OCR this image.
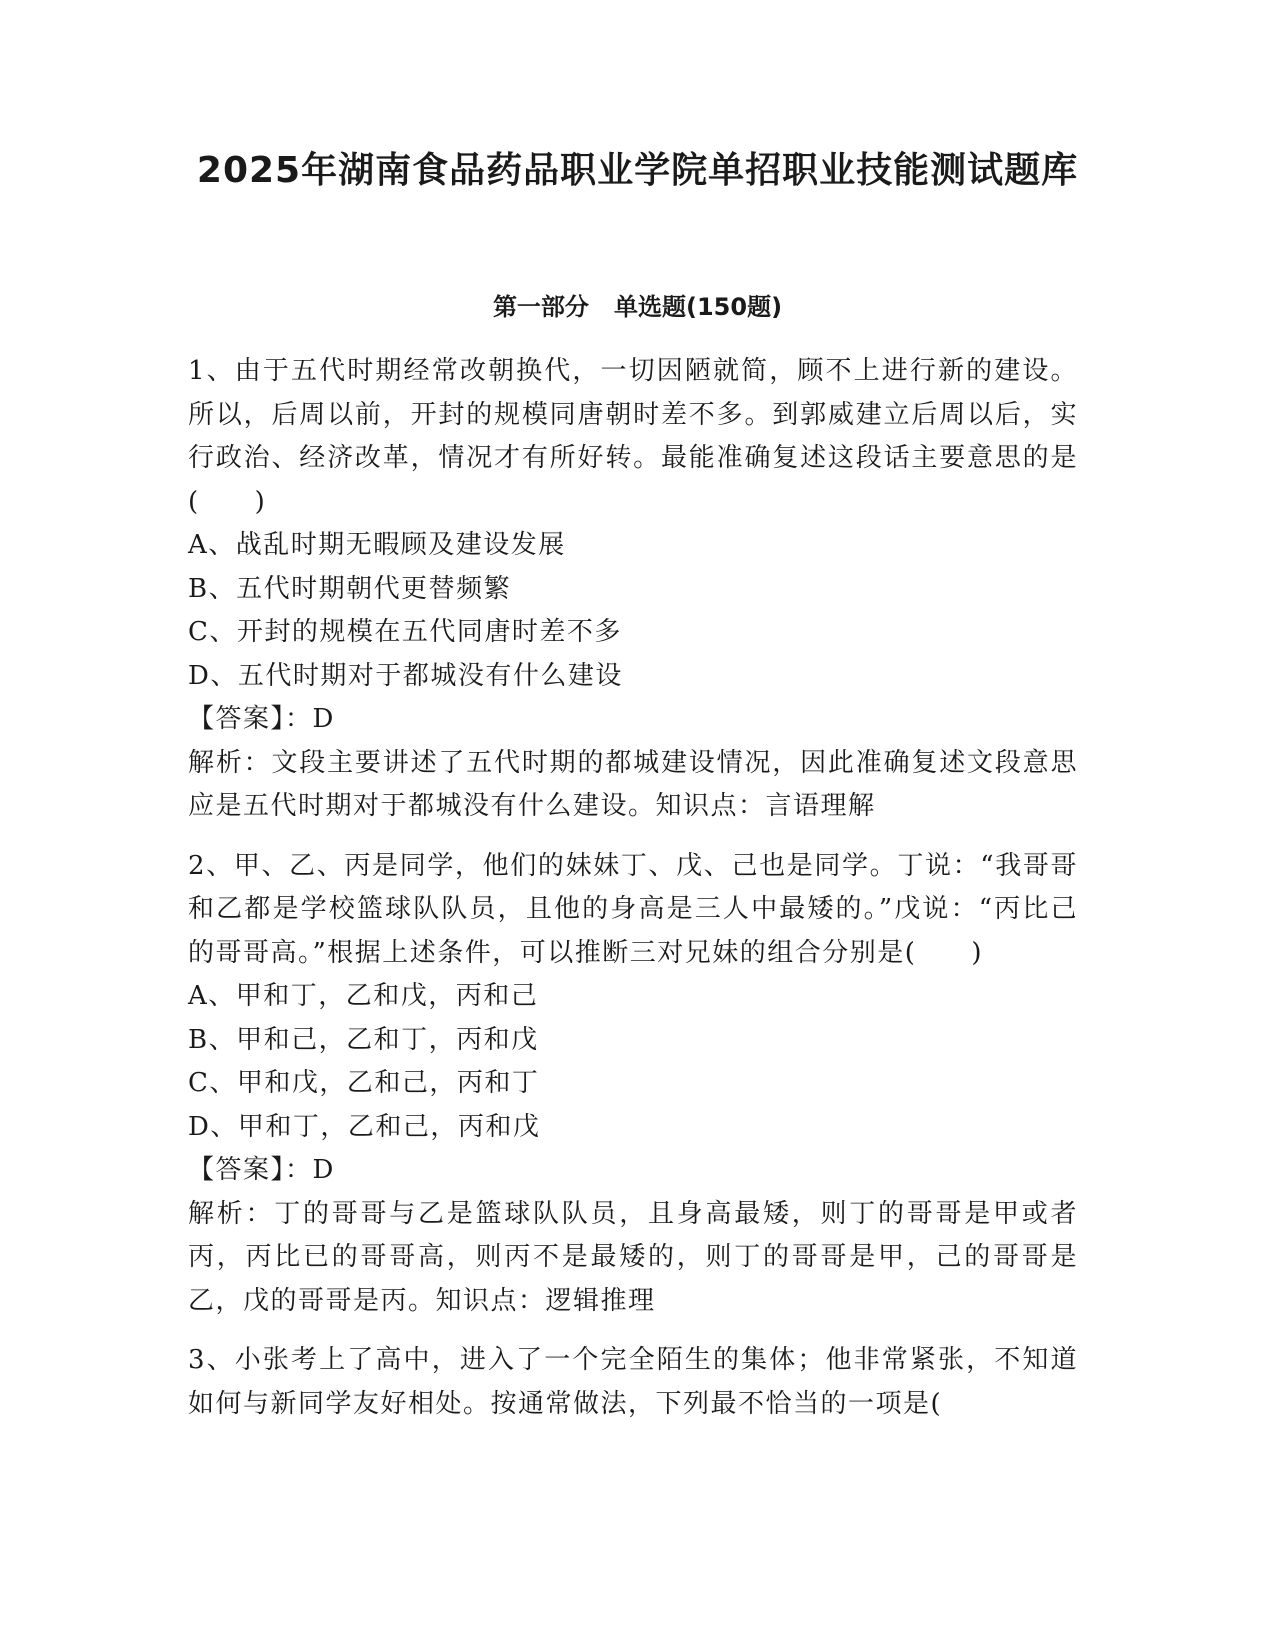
2025年湖南食品药品职业学院单招职业技能测试题库
第一部分   单选题(150题)

1、由于五代时期经常改朝换代，一切因陋就简，顾不上进行新的建设。所以，后周以前，开封的规模同唐朝时差不多。到郭威建立后周以后，实行政治、经济改革，情况才有所好转。最能准确复述这段话主要意思的是(　　)

A、战乱时期无暇顾及建设发展

B、五代时期朝代更替频繁

C、开封的规模在五代同唐时差不多

D、五代时期对于都城没有什么建设

【答案】：D

解析：文段主要讲述了五代时期的都城建设情况，因此准确复述文段意思应是五代时期对于都城没有什么建设。知识点：言语理解

2、甲、乙、丙是同学，他们的妹妹丁、戊、己也是同学。丁说：“我哥哥和乙都是学校篮球队队员，且他的身高是三人中最矮的。”戊说：“丙比己的哥哥高。”根据上述条件，可以推断三对兄妹的组合分别是(　　)

A、甲和丁，乙和戊，丙和己

B、甲和己，乙和丁，丙和戊

C、甲和戊，乙和己，丙和丁

D、甲和丁，乙和己，丙和戊

【答案】：D

解析：丁的哥哥与乙是篮球队队员，且身高最矮，则丁的哥哥是甲或者丙，丙比已的哥哥高，则丙不是最矮的，则丁的哥哥是甲，己的哥哥是乙，戊的哥哥是丙。知识点：逻辑推理

3、小张考上了高中，进入了一个完全陌生的集体；他非常紧张，不知道如何与新同学友好相处。按通常做法，下列最不恰当的一项是(
